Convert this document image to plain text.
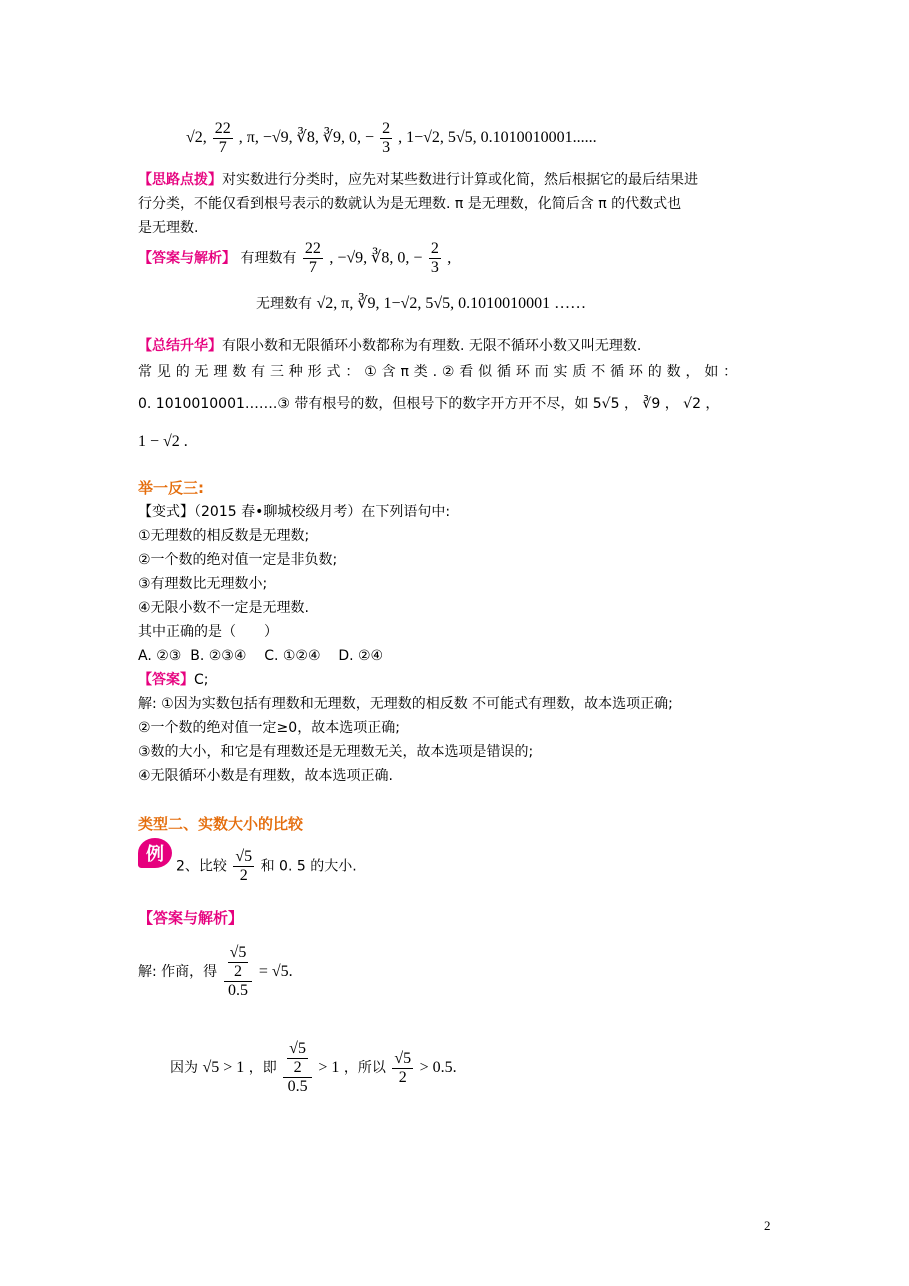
√2, $\frac{22}{7}$ , π, −√9, ∛8, ∛9, 0, − $\frac{2}{3}$ , 1−√2, 5√5, 0.1010010001......
【思路点拨】对实数进行分类时，应先对某些数进行计算或化简，然后根据它的最后结果进
行分类，不能仅看到根号表示的数就认为是无理数. π 是无理数，化简后含 π 的代数式也
是无理数.
【答案与解析】 有理数有 $\frac{22}{7}$ , −√9, ∛8, 0, − $\frac{2}{3}$ ,
无理数有 √2, π, ∛9, 1−√2, 5√5, 0.1010010001 ……
【总结升华】有限小数和无限循环小数都称为有理数. 无限不循环小数又叫无理数.
常 见 的 无 理 数 有 三 种 形 式 ： ① 含 π 类 . ② 看 似 循 环 而 实 质 不 循 环 的 数 ， 如 ：
0. 1010010001…….③ 带有根号的数，但根号下的数字开方开不尽，如 5√5 ， ∛9 ， √2 ，
1 − √2 .
举一反三:
【变式】（2015 春•聊城校级月考）在下列语句中:
①无理数的相反数是无理数;
②一个数的绝对值一定是非负数;
③有理数比无理数小;
④无限小数不一定是无理数.
其中正确的是（　　）
A. ②③  B. ②③④    C. ①②④    D. ②④
【答案】C;
解: ①因为实数包括有理数和无理数，无理数的相反数 不可能式有理数，故本选项正确;
②一个数的绝对值一定≥0，故本选项正确;
③数的大小，和它是有理数还是无理数无关，故本选项是错误的;
④无限循环小数是有理数，故本选项正确.
类型二、实数大小的比较
例
2、比较 $\frac{√5}{2}$ 和 0. 5 的大小.
【答案与解析】
解: 作商，得 $\frac{\frac{√5}{2}}{0.5} = √5$.
因为 √5 > 1 ，即 $\frac{\frac{√5}{2}}{0.5} > 1$ ，所以 $\frac{√5}{2} > 0.5$.
2
